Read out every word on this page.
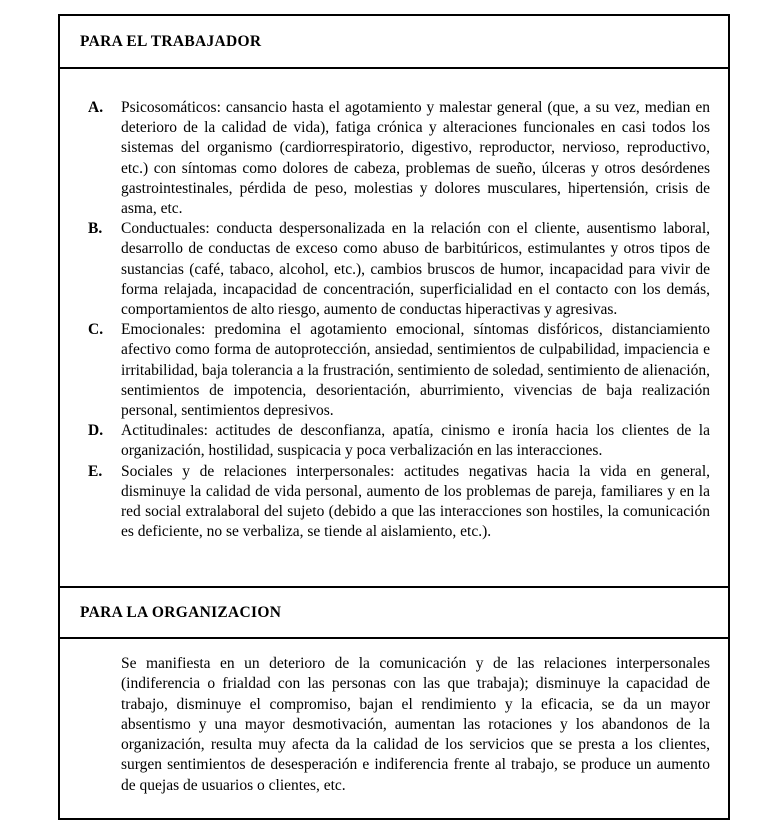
PARA EL TRABAJADOR
A.	Psicosomáticos: cansancio hasta el agotamiento y malestar general (que, a su vez, median en deterioro de la calidad de vida), fatiga crónica y alteraciones funcionales en casi todos los sistemas del organismo (cardiorrespiratorio, digestivo, reproductor, nervioso, reproductivo, etc.) con síntomas como dolores de cabeza, problemas de sueño, úlceras y otros desórdenes gastrointestinales, pérdida de peso, molestias y dolores musculares, hipertensión, crisis de asma, etc.
B.	Conductuales: conducta despersonalizada en la relación con el cliente, ausentismo laboral, desarrollo de conductas de exceso como abuso de barbitúricos, estimulantes y otros tipos de sustancias (café, tabaco, alcohol, etc.), cambios bruscos de humor, incapacidad para vivir de forma relajada, incapacidad de concentración, superficialidad en el contacto con los demás, comportamientos de alto riesgo, aumento de conductas hiperactivas y agresivas.
C.	Emocionales: predomina el agotamiento emocional, síntomas disfóricos, distanciamiento afectivo como forma de autoprotección, ansiedad, sentimientos de culpabilidad, impaciencia e irritabilidad, baja tolerancia a la frustración, sentimiento de soledad, sentimiento de alienación, sentimientos de impotencia, desorientación, aburrimiento, vivencias de baja realización personal, sentimientos depresivos.
D.	Actitudinales: actitudes de desconfianza, apatía, cinismo e ironía hacia los clientes de la organización, hostilidad, suspicacia y poca verbalización en las interacciones.
E.	Sociales y de relaciones interpersonales: actitudes negativas hacia la vida en general, disminuye la calidad de vida personal, aumento de los problemas de pareja, familiares y en la red social extralaboral del sujeto (debido a que las interacciones son hostiles, la comunicación es deficiente, no se verbaliza, se tiende al aislamiento, etc.).
PARA LA ORGANIZACION
Se manifiesta en un deterioro de la comunicación y de las relaciones interpersonales (indiferencia o frialdad con las personas con las que trabaja); disminuye la capacidad de trabajo, disminuye el compromiso, bajan el rendimiento y la eficacia, se da un mayor absentismo y una mayor desmotivación, aumentan las rotaciones y los abandonos de la organización, resulta muy afecta da la calidad de los servicios que se presta a los clientes, surgen sentimientos de desesperación e indiferencia frente al trabajo, se produce un aumento de quejas de usuarios o clientes, etc.
